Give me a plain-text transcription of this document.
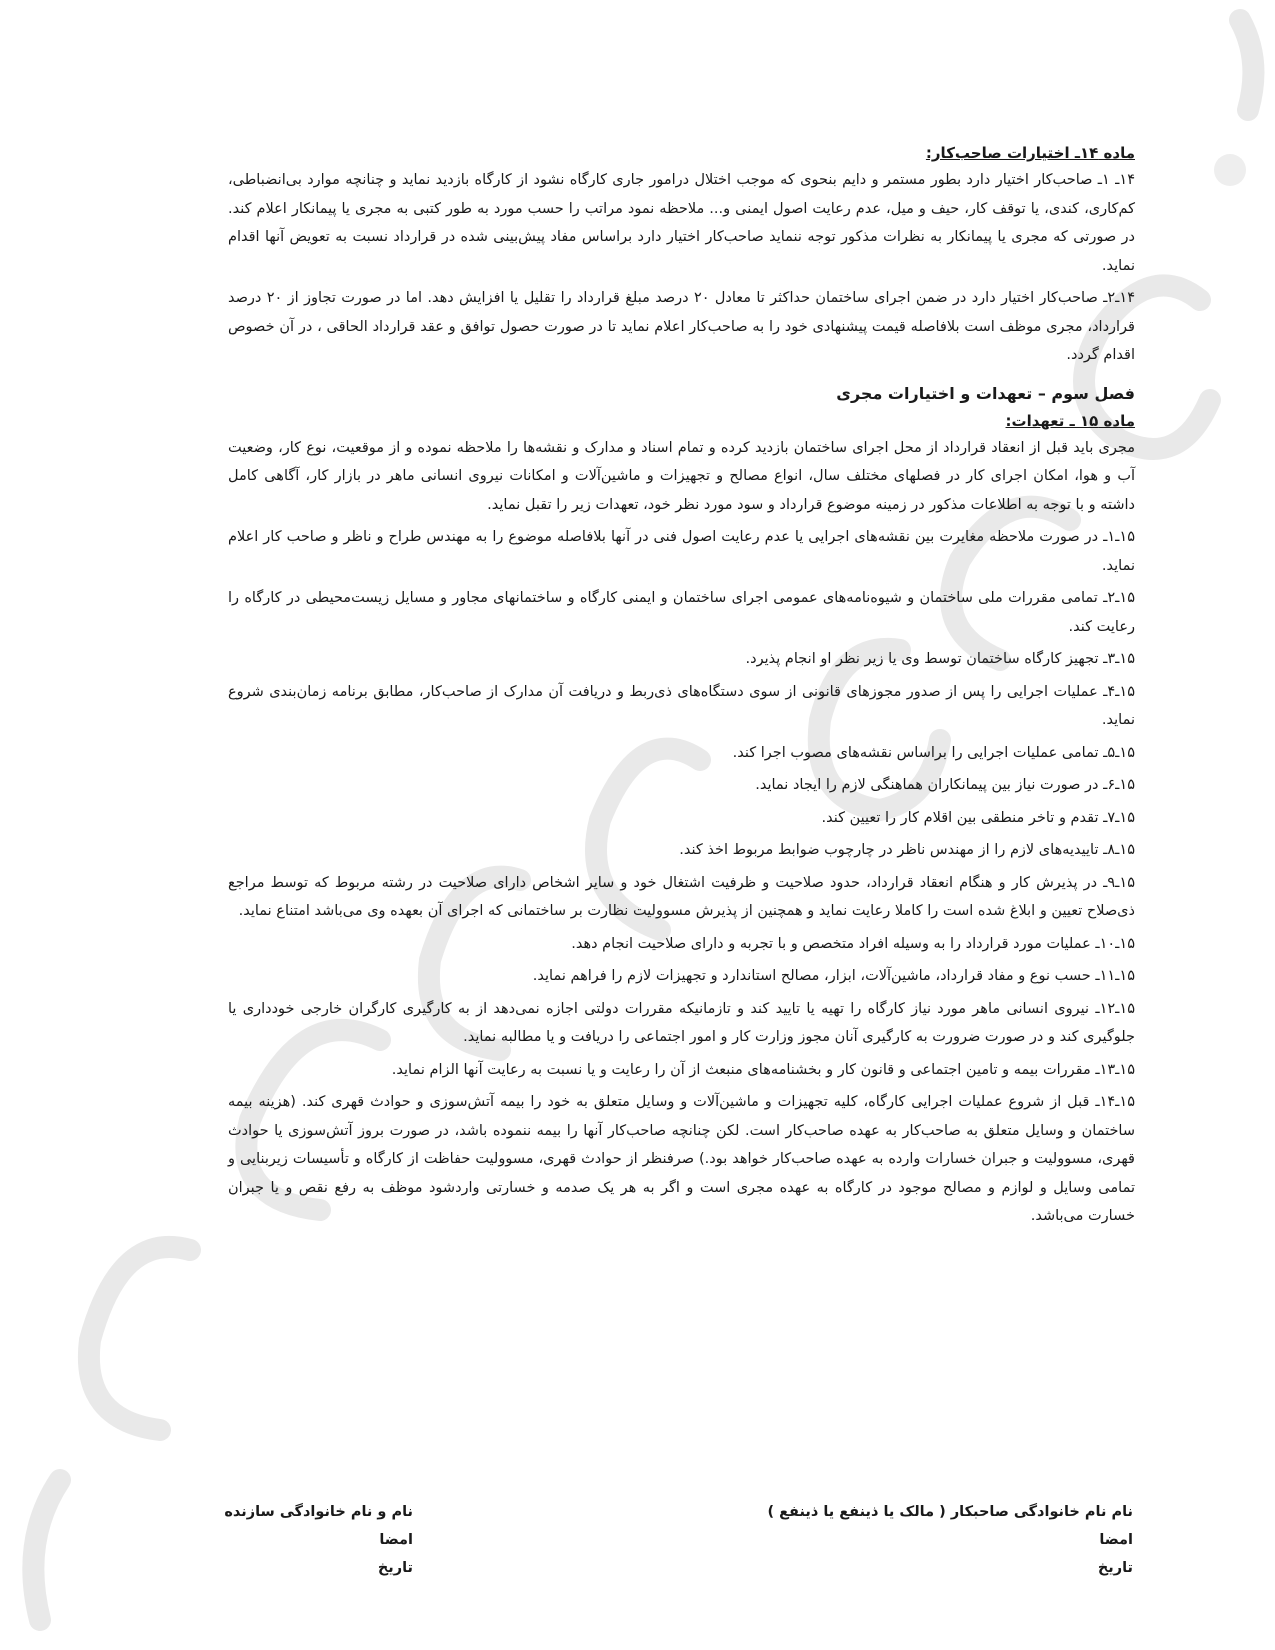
ماده ۱۴ـ اختیارات صاحب‌کار:

۱۴ـ ۱ـ صاحب‌کار اختیار دارد بطور مستمر و دایم بنحوی که موجب اختلال درامور جاری کارگاه نشود از کارگاه بازدید نماید و چنانچه موارد بی‌انضباطی، کم‌کاری، کندی، یا توقف کار، حیف و میل، عدم رعایت اصول ایمنی و... ملاحظه نمود مراتب را حسب مورد به طور کتبی به مجری یا پیمانکار اعلام کند. در صورتی که مجری یا پیمانکار به نظرات مذکور توجه ننماید صاحب‌کار اختیار دارد براساس مفاد پیش‌بینی شده در قرارداد نسبت به تعویض آنها اقدام نماید.

۱۴ـ۲ـ صاحب‌کار اختیار دارد در ضمن اجرای ساختمان حداکثر تا معادل ۲۰ درصد مبلغ قرارداد را تقلیل یا افزایش دهد. اما در صورت تجاوز از ۲۰ درصد قرارداد، مجری موظف است بلافاصله قیمت پیشنهادی خود را به صاحب‌کار اعلام نماید تا در صورت حصول توافق و عقد قرارداد الحاقی ، در آن خصوص اقدام گردد.

فصل سوم – تعهدات و اختیارات مجری
ماده ۱۵ ـ تعهدات:

مجری باید قبل از انعقاد قرارداد از محل اجرای ساختمان بازدید کرده و تمام اسناد و مدارک و نقشه‌ها را ملاحظه نموده و از موقعیت، نوع کار، وضعیت آب و هوا، امکان اجرای کار در فصلهای مختلف سال، انواع مصالح و تجهیزات و ماشین‌آلات و امکانات نیروی انسانی ماهر در بازار کار، آگاهی کامل داشته و با توجه به اطلاعات مذکور در زمینه موضوع قرارداد و سود مورد نظر خود، تعهدات زیر را تقبل نماید.

۱۵ـ۱ـ در صورت ملاحظه مغایرت بین نقشه‌های اجرایی یا عدم رعایت اصول فنی در آنها بلافاصله موضوع را به مهندس طراح و ناظر و صاحب کار اعلام نماید.

۱۵ـ۲ـ تمامی مقررات ملی ساختمان و شیوه‌نامه‌های عمومی اجرای ساختمان و ایمنی کارگاه و ساختمانهای مجاور و مسایل زیست‌محیطی در کارگاه را رعایت کند.

۱۵ـ۳ـ تجهیز کارگاه ساختمان توسط وی یا زیر نظر او انجام پذیرد.

۱۵ـ۴ـ عملیات اجرایی را پس از صدور مجوزهای قانونی از سوی دستگاه‌های ذی‌ربط و دریافت آن مدارک از صاحب‌کار، مطابق برنامه زمان‌بندی شروع نماید.

۱۵ـ۵ـ تمامی عملیات اجرایی را براساس نقشه‌های مصوب اجرا کند.

۱۵ـ۶ـ در صورت نیاز بین پیمانکاران هماهنگی لازم را ایجاد نماید.

۱۵ـ۷ـ تقدم و تاخر منطقی بین اقلام کار را تعیین کند.

۱۵ـ۸ـ تاییدیه‌های لازم را از مهندس ناظر در چارچوب ضوابط مربوط اخذ کند.

۱۵ـ۹ـ در پذیرش کار و هنگام انعقاد قرارداد، حدود صلاحیت و ظرفیت اشتغال خود و سایر اشخاص دارای صلاحیت در رشته مربوط که توسط مراجع ذی‌صلاح تعیین و ابلاغ شده است را کاملا رعایت نماید و همچنین از پذیرش مسوولیت نظارت بر ساختمانی که اجرای آن بعهده وی می‌باشد امتناع نماید.

۱۵ـ۱۰ـ عملیات مورد قرارداد را به وسیله افراد متخصص و با تجربه و دارای صلاحیت انجام دهد.

۱۵ـ۱۱ـ حسب نوع و مفاد قرارداد، ماشین‌آلات، ابزار، مصالح استاندارد و تجهیزات لازم را فراهم نماید.

۱۵ـ۱۲ـ نیروی انسانی ماهر مورد نیاز کارگاه را تهیه یا تایید کند و تازمانیکه مقررات دولتی اجازه نمی‌دهد از به کارگیری کارگران خارجی خودداری یا جلوگیری کند و در صورت ضرورت به کارگیری آنان مجوز وزارت کار و امور اجتماعی را دریافت و یا مطالبه نماید.

۱۵ـ۱۳ـ مقررات بیمه و تامین اجتماعی و قانون کار و بخشنامه‌های منبعث از آن را رعایت و یا نسبت به رعایت آنها الزام نماید.

۱۵ـ۱۴ـ قبل از شروع عملیات اجرایی کارگاه، کلیه تجهیزات و ماشین‌آلات و وسایل متعلق به خود را بیمه آتش‌سوزی و حوادث قهری کند. (هزینه بیمه ساختمان و وسایل متعلق به صاحب‌کار به عهده صاحب‌کار است. لکن چنانچه صاحب‌کار آنها را بیمه ننموده باشد، در صورت بروز آتش‌سوزی یا حوادث قهری، مسوولیت و جبران خسارات وارده به عهده صاحب‌کار خواهد بود.) صرفنظر از حوادث قهری، مسوولیت حفاظت از کارگاه و تأسیسات زیربنایی و تمامی وسایل و لوازم و مصالح موجود در کارگاه به عهده مجری است و اگر به هر یک صدمه و خسارتی واردشود موظف به رفع نقص و یا جبران خسارت می‌باشد.

نام نام خانوادگی صاحبکار ( مالک یا ذینفع یا ذینفع )
امضا
تاریخ
نام و نام خانوادگی سازنده
امضا
تاریخ
